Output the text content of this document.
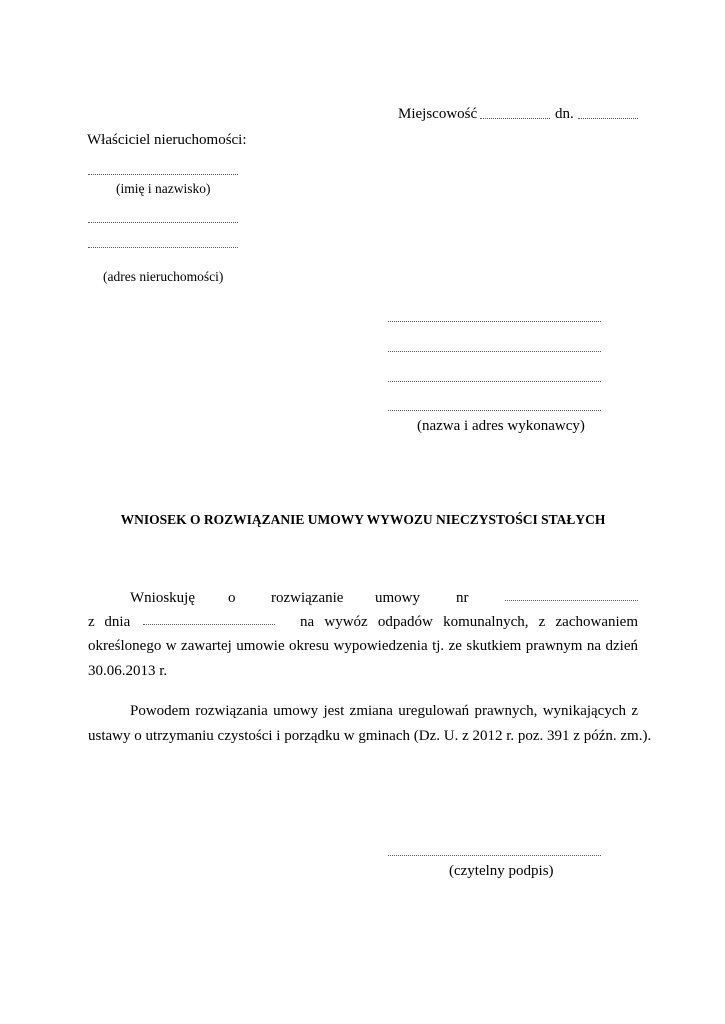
Miejscowość	dn.
Właściciel nieruchomości:
(imię i nazwisko)
(adres nieruchomości)
(nazwa i adres wykonawcy)
WNIOSEK O ROZWIĄZANIE UMOWY WYWOZU NIECZYSTOŚCI STAŁYCH
Wnioskuję o rozwiązanie umowy nr
z dnia	na wywóz odpadów komunalnych, z zachowaniem
określonego w zawartej umowie okresu wypowiedzenia tj. ze skutkiem prawnym na dzień
30.06.2013 r.
Powodem rozwiązania umowy jest zmiana uregulowań prawnych, wynikających z
ustawy o utrzymaniu czystości i porządku w gminach (Dz. U. z 2012 r. poz. 391 z późn. zm.).
(czytelny podpis)
